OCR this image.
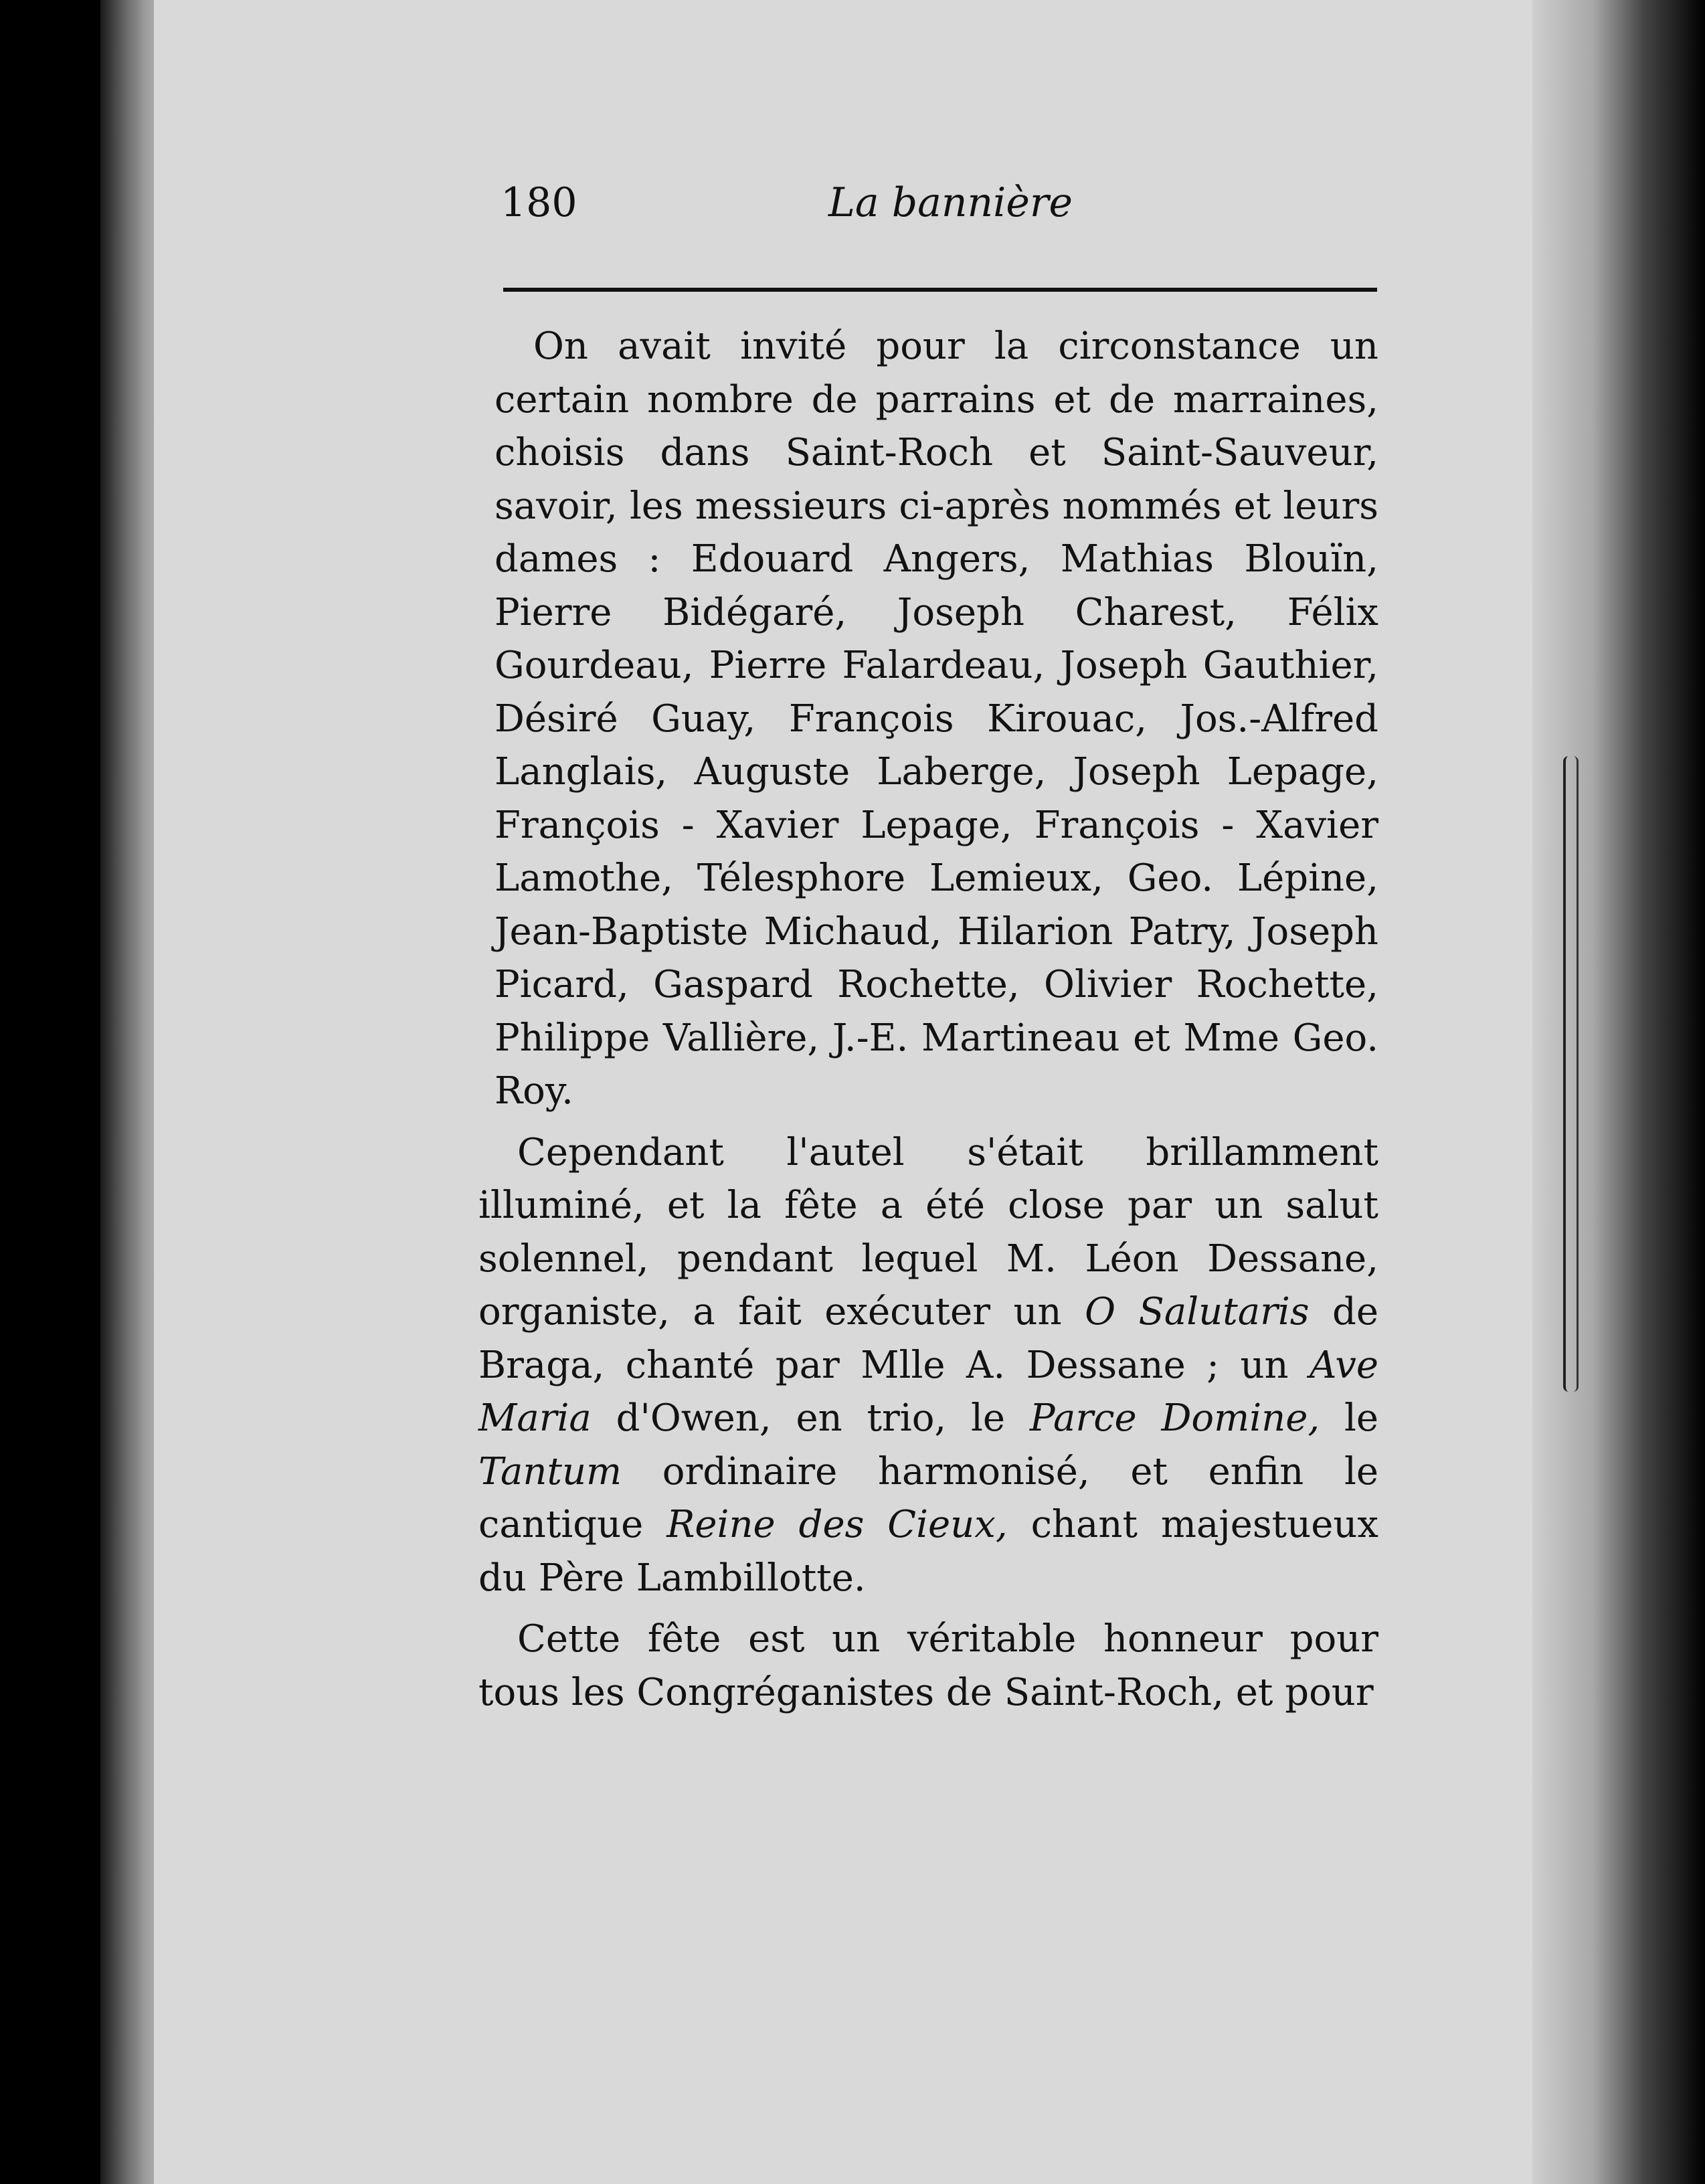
180	La bannière

On avait invité pour la circonstance un certain nombre de parrains et de marraines, choisis dans Saint-Roch et Saint-Sauveur, savoir, les messieurs ci-après nommés et leurs dames : Edouard Angers, Mathias Blouïn, Pierre Bidégaré, Joseph Charest, Félix Gourdeau, Pierre Falardeau, Joseph Gauthier, Désiré Guay, François Kirouac, Jos.-Alfred Langlais, Auguste Laberge, Joseph Lepage, François - Xavier Lepage, François - Xavier Lamothe, Télesphore Lemieux, Geo. Lépine, Jean-Baptiste Michaud, Hilarion Patry, Joseph Picard, Gaspard Rochette, Olivier Rochette, Philippe Vallière, J.-E. Martineau et Mme Geo. Roy.

Cependant l'autel s'était brillamment illuminé, et la fête a été close par un salut solennel, pendant lequel M. Léon Dessane, organiste, a fait exécuter un O Salutaris de Braga, chanté par Mlle A. Dessane ; un Ave Maria d'Owen, en trio, le Parce Domine, le Tantum ordinaire harmonisé, et enfin le cantique Reine des Cieux, chant majestueux du Père Lambillotte.

Cette fête est un véritable honneur pour tous les Congréganistes de Saint-Roch, et pour
